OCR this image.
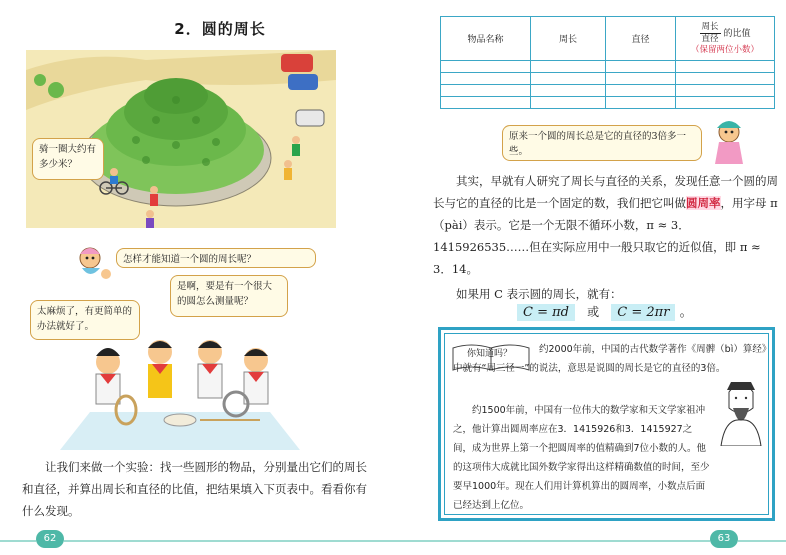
2．圆的周长
骑一圈大约有多少米？
怎样才能知道一个圆的周长呢？
太麻烦了，有更简单的办法就好了。
是啊，要是有一个很大的圆怎么测量呢？

让我们来做一个实验：找一些圆形的物品，分别量出它们的周长和直径，并算出周长和直径的比值，把结果填入下页表中。看看你有什么发现。

62
物品名称	周长	直径	$\frac{\text{周长}}{\text{直径}}$ 的比值
（保留两位小数）

原来一个圆的周长总是它的直径的3倍多一些。

其实，早就有人研究了周长与直径的关系，发现任意一个圆的周长与它的直径的比是一个固定的数，我们把它叫做圆周率，用字母 π（pài）表示。它是一个无限不循环小数，π ≈ 3．1415926535……但在实际应用中一般只取它的近似值，即 π ≈ 3．14。

如果用 C 表示圆的周长，就有：
C = πd 或 C = 2πr 。
你知道吗？	约2000年前，中国的古代数学著作《周髀（bì）算经》中就有“周三径一”的说法，意思是说圆的周长是它的直径的3倍。
约1500年前，中国有一位伟大的数学家和天文学家祖冲之，他计算出圆周率应在3．1415926和3．1415927之间，成为世界上第一个把圆周率的值精确到7位小数的人。他的这项伟大成就比国外数学家得出这样精确数值的时间，至少要早1000年。现在人们用计算机算出的圆周率，小数点后面已经达到上亿位。
63
